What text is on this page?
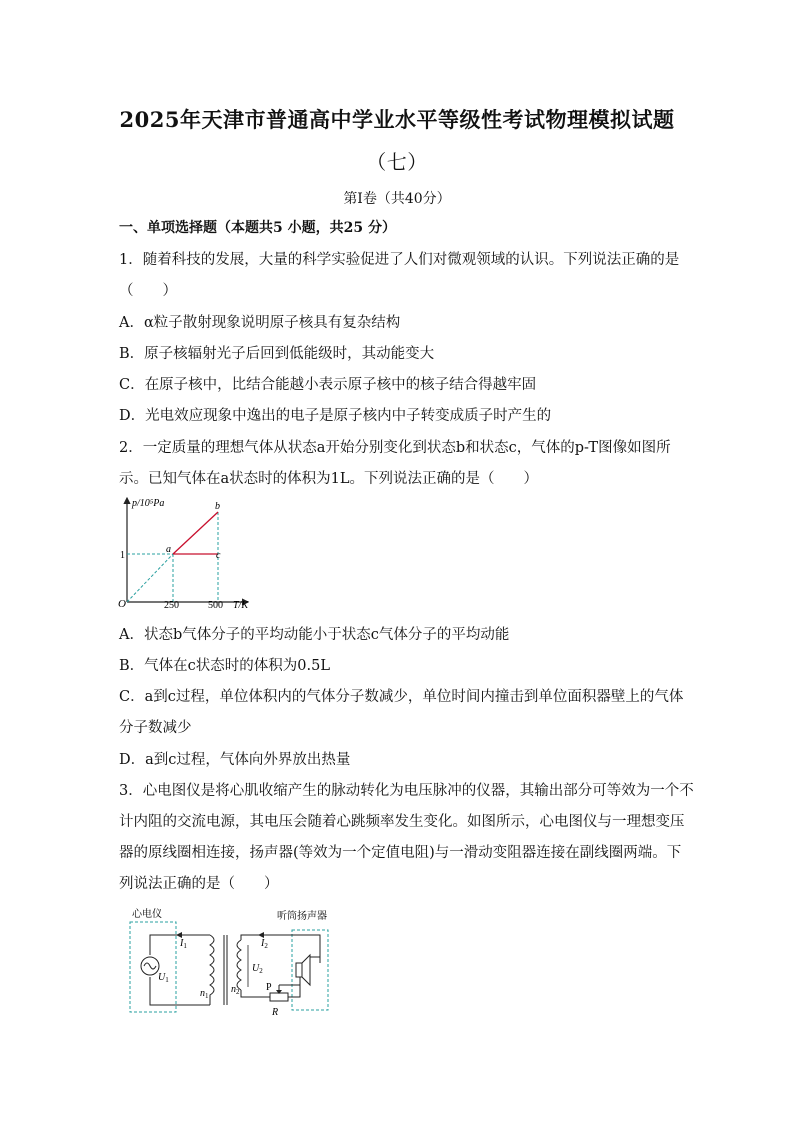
2025年天津市普通高中学业水平等级性考试物理模拟试题
（七）
第Ⅰ卷（共40分）
一、单项选择题（本题共5 小题，共25 分）
1．随着科技的发展，大量的科学实验促进了人们对微观领域的认识。下列说法正确的是
（　　）
A．α粒子散射现象说明原子核具有复杂结构
B．原子核辐射光子后回到低能级时，其动能变大
C．在原子核中，比结合能越小表示原子核中的核子结合得越牢固
D．光电效应现象中逸出的电子是原子核内中子转变成质子时产生的
2．一定质量的理想气体从状态a开始分别变化到状态b和状态c，气体的p-T图像如图所
示。已知气体在a状态时的体积为1L。下列说法正确的是（　　）
p/10⁵Pa
T/K
O
1
250	500
a
b
c
A．状态b气体分子的平均动能小于状态c气体分子的平均动能
B．气体在c状态时的体积为0.5L
C．a到c过程，单位体积内的气体分子数减少，单位时间内撞击到单位面积器壁上的气体
分子数减少
D．a到c过程，气体向外界放出热量
3．心电图仪是将心肌收缩产生的脉动转化为电压脉冲的仪器，其输出部分可等效为一个不
计内阻的交流电源，其电压会随着心跳频率发生变化。如图所示，心电图仪与一理想变压
器的原线圈相连接，扬声器(等效为一个定值电阻)与一滑动变阻器连接在副线圈两端。下
列说法正确的是（　　）
心电仪	听筒扬声器
$I_1$
$U_1$
$n_1$
$n_2$
$I_2$
$U_2$
P
R
